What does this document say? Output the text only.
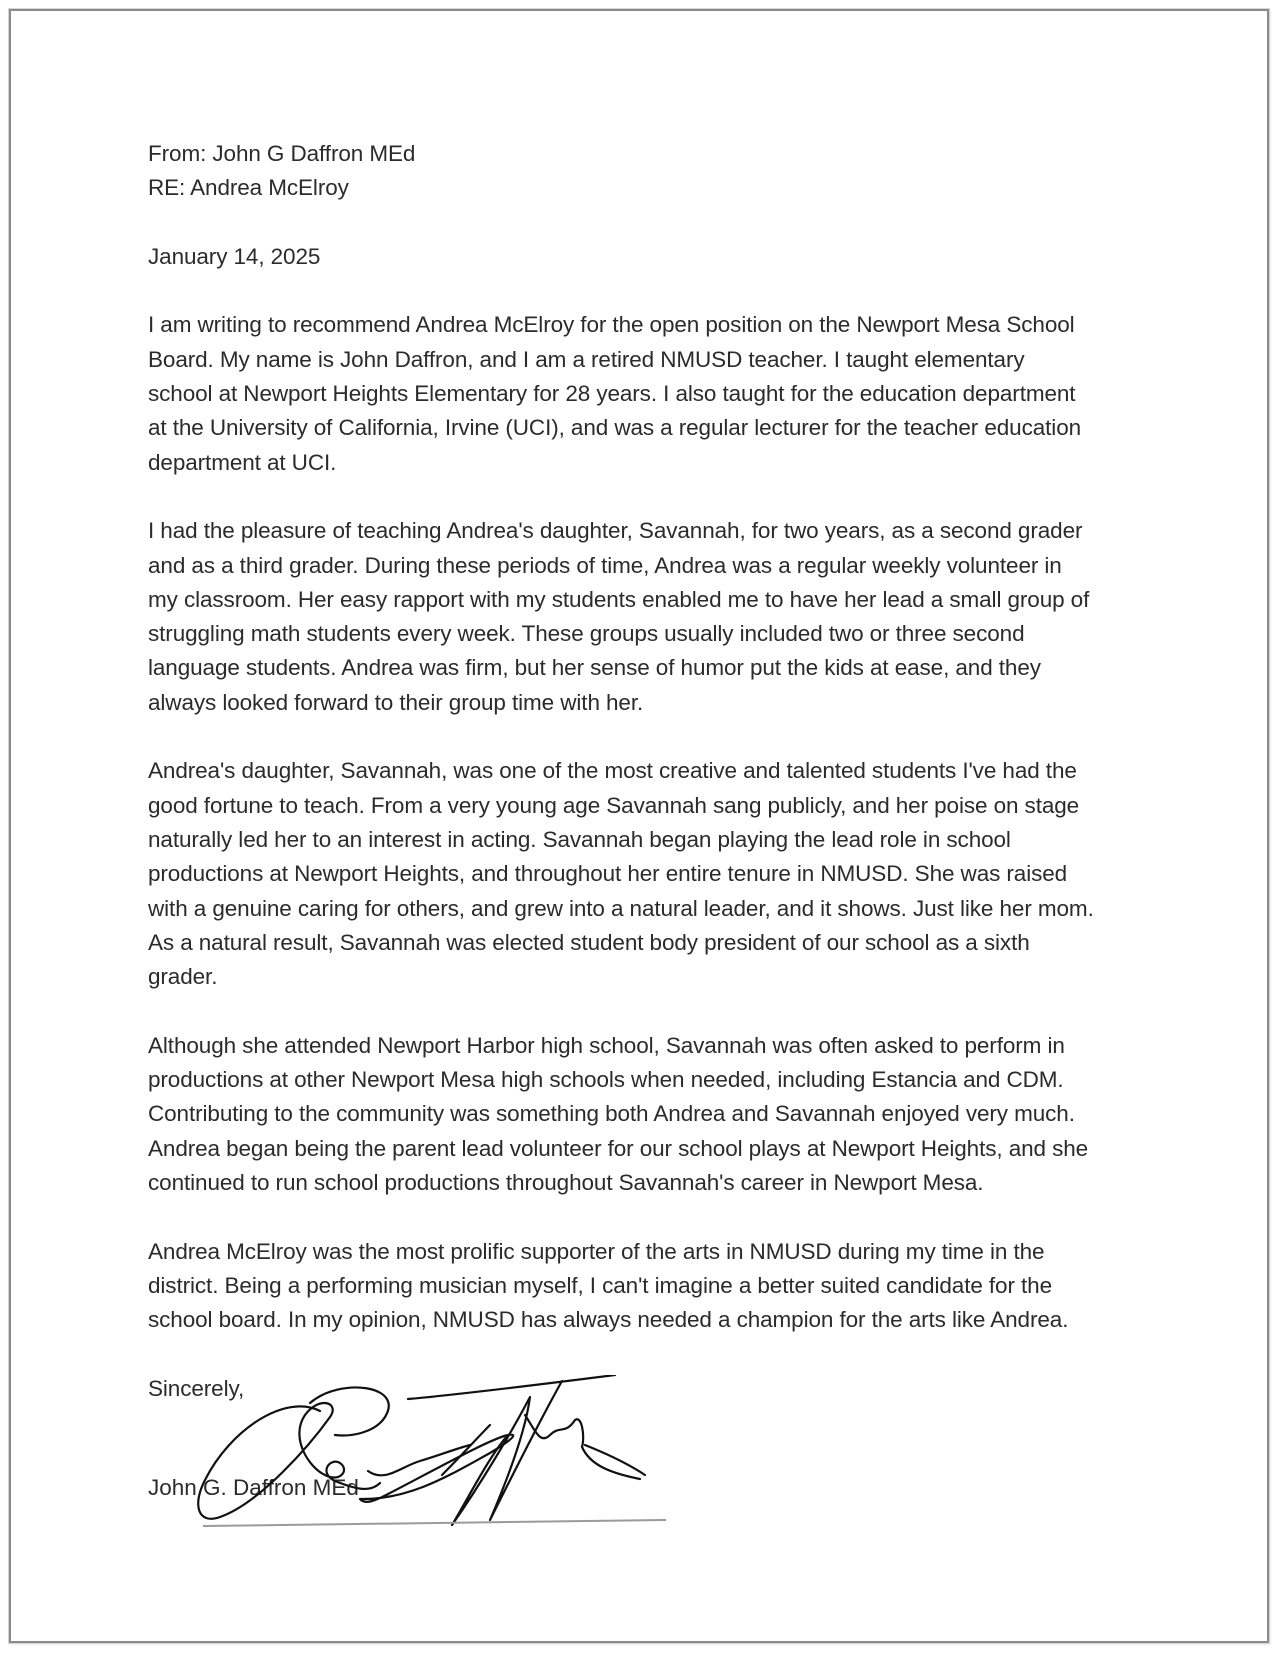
From: John G Daffron MEd
RE: Andrea McElroy
January 14, 2025
I am writing to recommend Andrea McElroy for the open position on the Newport Mesa School
Board. My name is John Daffron, and I am a retired NMUSD teacher. I taught elementary
school at Newport Heights Elementary for 28 years. I also taught for the education department
at the University of California, Irvine (UCI), and was a regular lecturer for the teacher education
department at UCI.
I had the pleasure of teaching Andrea's daughter, Savannah, for two years, as a second grader
and as a third grader. During these periods of time, Andrea was a regular weekly volunteer in
my classroom. Her easy rapport with my students enabled me to have her lead a small group of
struggling math students every week. These groups usually included two or three second
language students. Andrea was firm, but her sense of humor put the kids at ease, and they
always looked forward to their group time with her.
Andrea's daughter, Savannah, was one of the most creative and talented students I've had the
good fortune to teach. From a very young age Savannah sang publicly, and her poise on stage
naturally led her to an interest in acting. Savannah began playing the lead role in school
productions at Newport Heights, and throughout her entire tenure in NMUSD. She was raised
with a genuine caring for others, and grew into a natural leader, and it shows. Just like her mom.
As a natural result, Savannah was elected student body president of our school as a sixth
grader.
Although she attended Newport Harbor high school, Savannah was often asked to perform in
productions at other Newport Mesa high schools when needed, including Estancia and CDM.
Contributing to the community was something both Andrea and Savannah enjoyed very much.
Andrea began being the parent lead volunteer for our school plays at Newport Heights, and she
continued to run school productions throughout Savannah's career in Newport Mesa.
Andrea McElroy was the most prolific supporter of the arts in NMUSD during my time in the
district. Being a performing musician myself, I can't imagine a better suited candidate for the
school board. In my opinion, NMUSD has always needed a champion for the arts like Andrea.
Sincerely,
John G. Daffron MEd
